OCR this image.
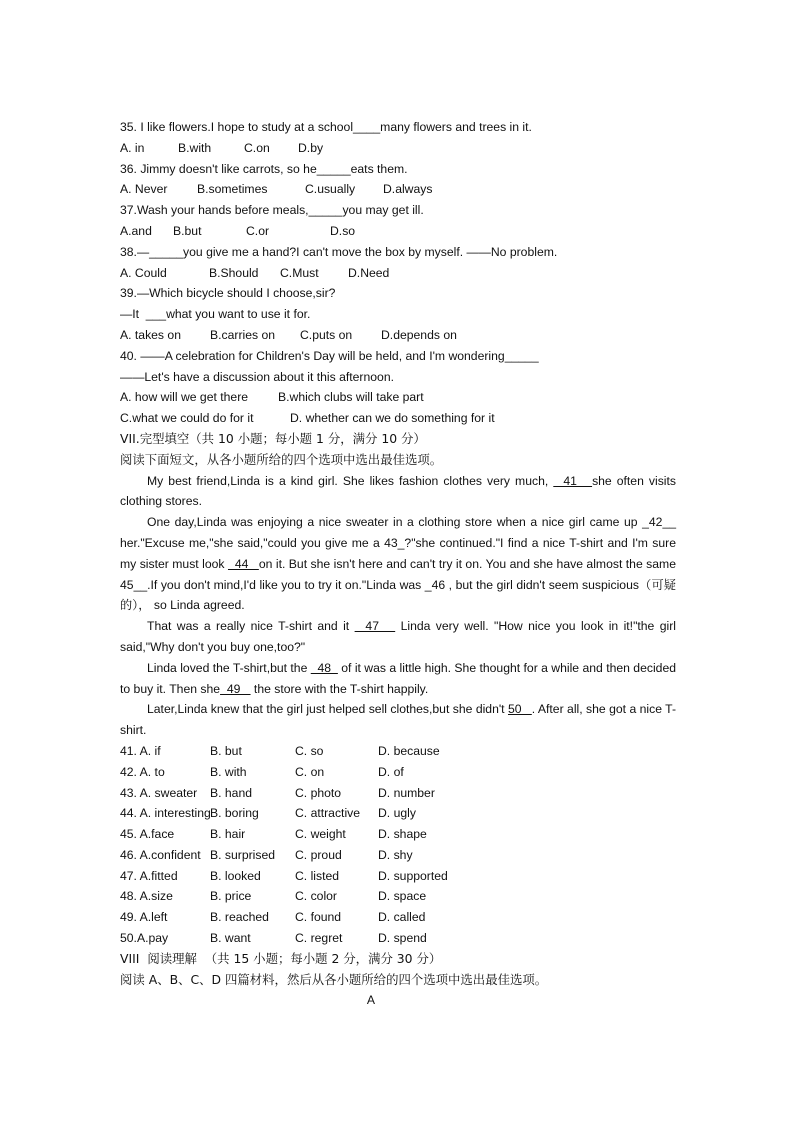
35. I like flowers.I hope to study at a school____many flowers and trees in it.
A. in	B.with	C.on D.by
36. Jimmy doesn't like carrots, so he_____eats them.
A. Never B.sometimes	C.usually D.always
37.Wash your hands before meals,_____you may get ill.
A.and B.but	C.or	D.so
38.—_____you give me a hand?I can't move the box by myself. ——No problem.
A. Could	B.Should C.Must D.Need
39.—Which bicycle should I choose,sir?
—It  ___what you want to use it for.
A. takes on B.carries on C.puts on D.depends on
40. ——A celebration for Children's Day will be held, and I'm wondering_____
——Let's have a discussion about it this afternoon.
A. how will we get there B.which clubs will take part
C.what we could do for it	D. whether can we do something for it
VII.完型填空（共 10 小题；每小题 1 分，满分 10 分）
阅读下面短文，从各小题所给的四个选项中选出最佳选项。
My best friend,Linda is a kind girl. She likes fashion clothes very much,   41   she often visits clothing stores.
One day,Linda was enjoying a nice sweater in a clothing store when a nice girl came up _42__ her."Excuse me,"she said,"could you give me a 43_?"she continued."I find a nice T-shirt and I'm sure my sister must look   44   on it. But she isn't here and can't try it on. You and she have almost the same 45__.If you don't mind,I'd like you to try it on."Linda was _46 , but the girl didn't seem suspicious（可疑的）， so Linda agreed.
That was a really nice T-shirt and it   47    Linda very well. "How nice you look in it!"the girl said,"Why don't you buy one,too?"
Linda loved the T-shirt,but the   48   of it was a little high. She thought for a while and then decided to buy it. Then she  49    the store with the T-shirt happily.
Later,Linda knew that the girl just helped sell clothes,but she didn't 50   . After all, she got a nice T-shirt.
41. A. if	B. but	C. so	D. because
42. A. to	B. with	C. on	D. of
43. A. sweater B. hand	C. photo	D. number
44. A. interestingB. boring	C. attractive D. ugly
45. A.face	B. hair	C. weight	D. shape
46. A.confident B. surprised C. proud	D. shy
47. A.fitted	B. looked	C. listed	D. supported
48. A.size	B. price	C. color	D. space
49. A.left	B. reached C. found	D. called
50.A.pay	B. want	C. regret	D. spend
VIII  阅读理解  （共 15 小题；每小题 2 分，满分 30 分）
阅读 A、B、C、D 四篇材料，然后从各小题所给的四个选项中选出最佳选项。
A
